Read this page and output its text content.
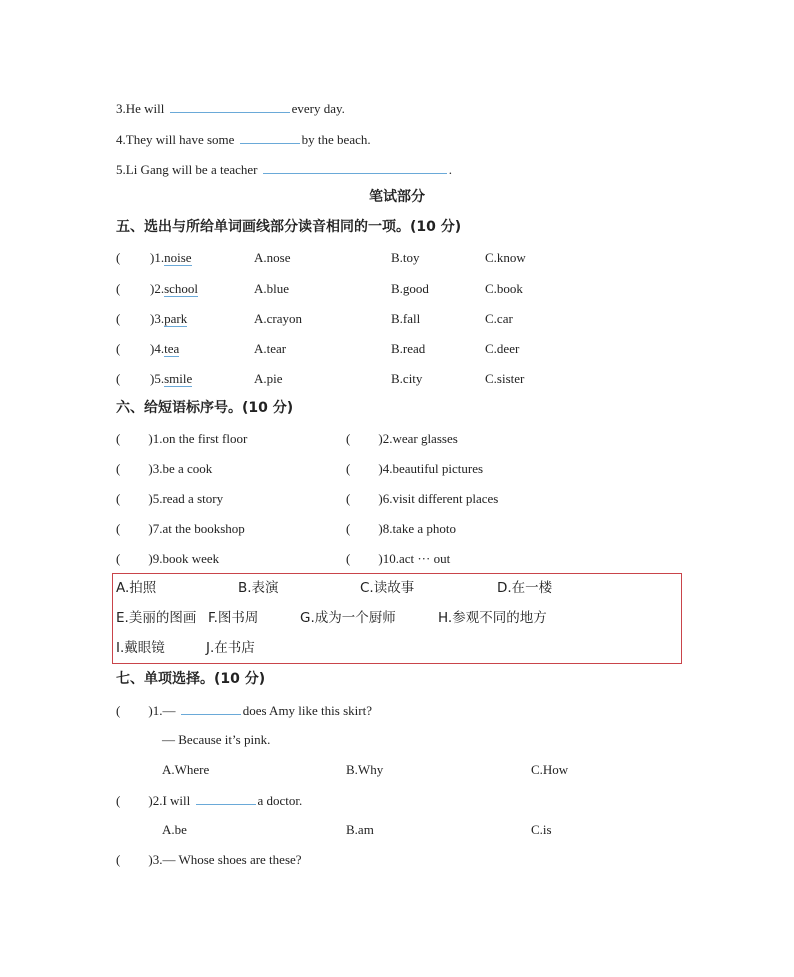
3.He will	every day.
4.They will have some	by the beach.
5.Li Gang will be a teacher	.
笔试部分
五、选出与所给单词画线部分读音相同的一项。(10 分)
( )1.noise	A.nose	B.toy	C.know
( )2.school	A.blue	B.good	C.book
( )3.park	A.crayon	B.fall	C.car
( )4.tea	A.tear	B.read	C.deer
( )5.smile	A.pie	B.city	C.sister
六、给短语标序号。(10 分)
( )1.on the first floor	( )2.wear glasses
( )3.be a cook	( )4.beautiful pictures
( )5.read a story	( )6.visit different places
( )7.at the bookshop	( )8.take a photo
( )9.book week	( )10.act ··· out
A.拍照	B.表演	C.读故事	D.在一楼
E.美丽的图画 F.图书周	G.成为一个厨师	H.参观不同的地方
I.戴眼镜	J.在书店
七、单项选择。(10 分)
( )1.—	does Amy like this skirt?
— Because it’s pink.
A.Where	B.Why	C.How
( )2.I will	a doctor.
A.be	B.am	C.is
( )3.— Whose shoes are these?
